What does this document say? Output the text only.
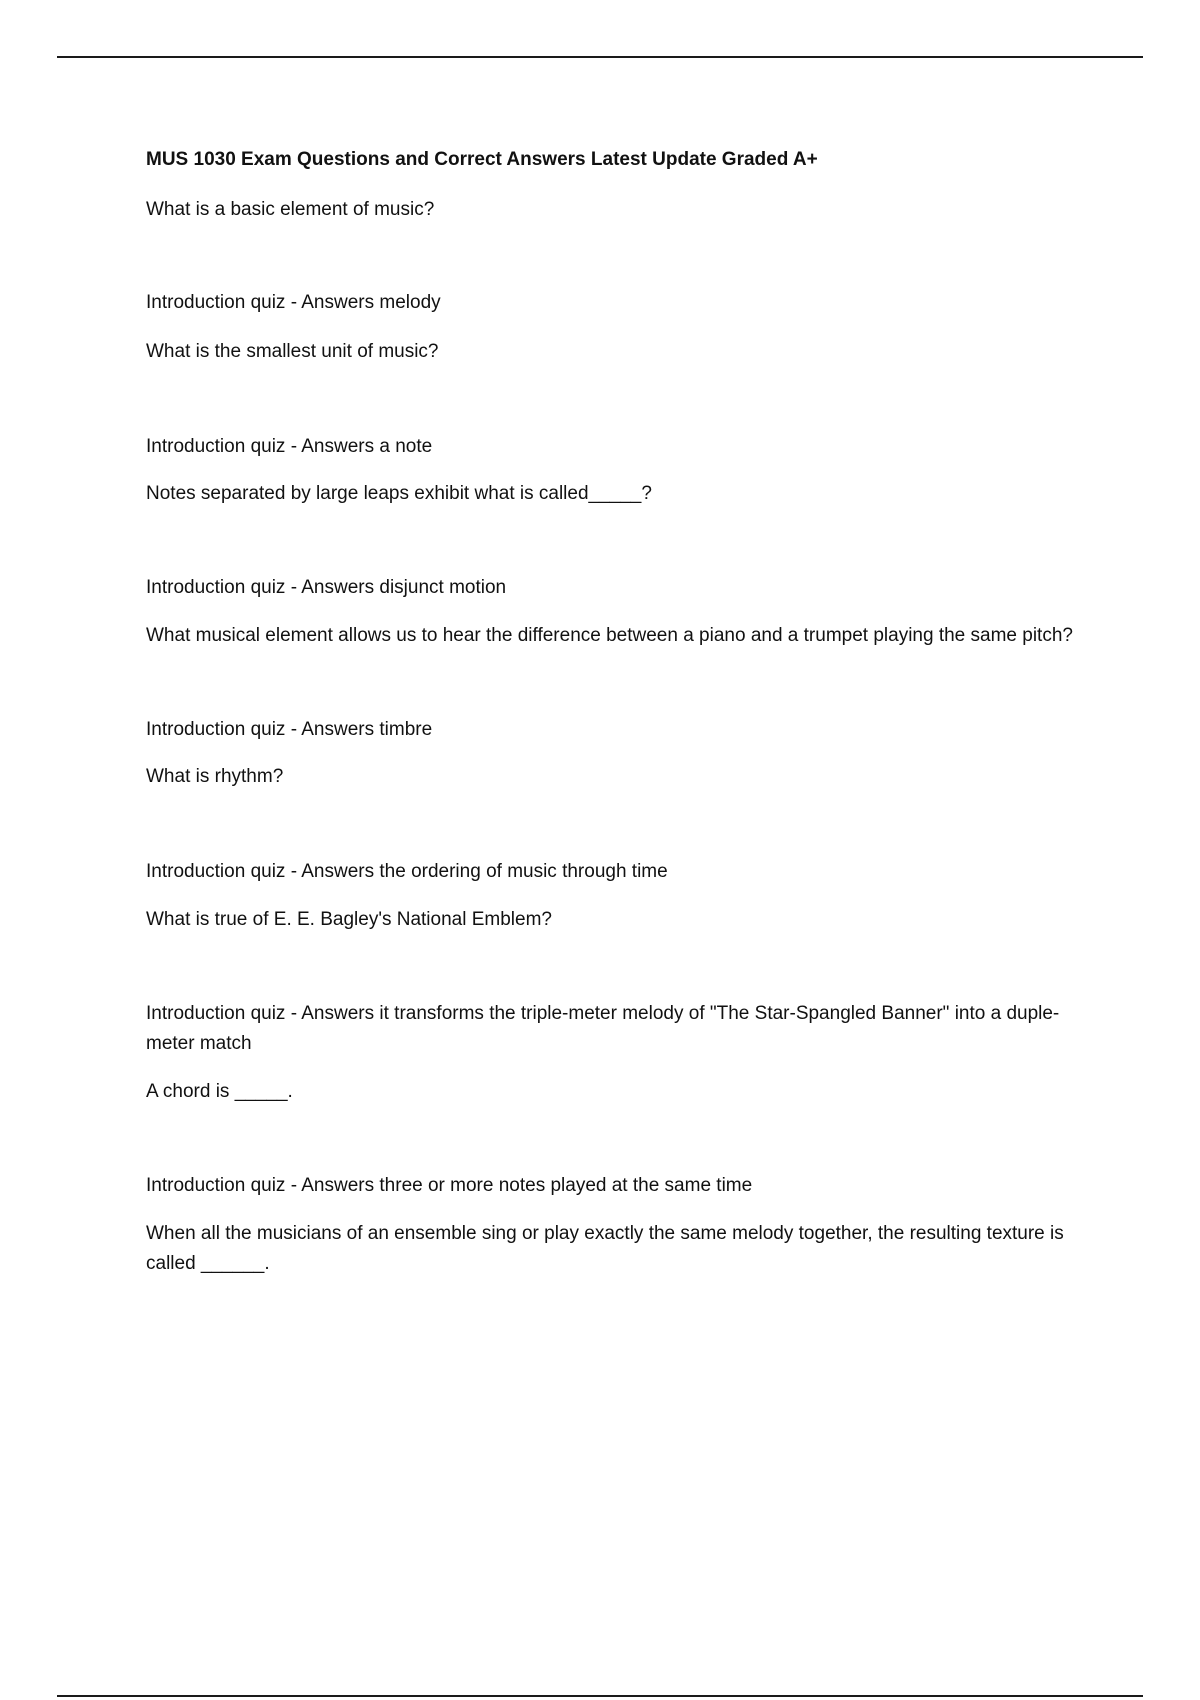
MUS 1030 Exam Questions and Correct Answers Latest Update Graded A+
What is a basic element of music?
Introduction quiz - Answers melody
What is the smallest unit of music?
Introduction quiz - Answers a note
Notes separated by large leaps exhibit what is called_____?
Introduction quiz - Answers disjunct motion
What musical element allows us to hear the difference between a piano and a trumpet playing the same pitch?
Introduction quiz - Answers timbre
What is rhythm?
Introduction quiz - Answers the ordering of music through time
What is true of E. E. Bagley's National Emblem?
Introduction quiz - Answers it transforms the triple-meter melody of "The Star-Spangled Banner" into a duple-meter match
A chord is _____.
Introduction quiz - Answers three or more notes played at the same time
When all the musicians of an ensemble sing or play exactly the same melody together, the resulting texture is called ______.
